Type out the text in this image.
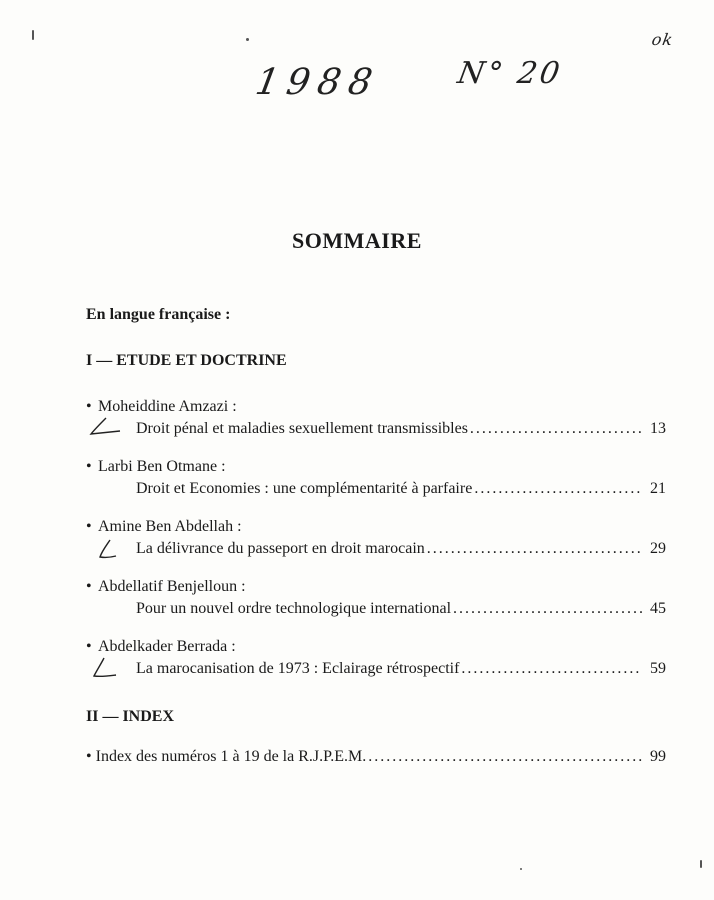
1988 N° 20
ok
SOMMAIRE
En langue française :
I — ETUDE ET DOCTRINE
• Moheiddine Amzazi :
Droit pénal et maladies sexuellement transmissibles .....	13
• Larbi Ben Otmane :
Droit et Economies : une complémentarité à parfaire .....	21
• Amine Ben Abdellah :
La délivrance du passeport en droit marocain .....	29
• Abdellatif Benjelloun :
Pour un nouvel ordre technologique international .....	45
• Abdelkader Berrada :
La marocanisation de 1973 : Eclairage rétrospectif .....	59
II — INDEX
• Index des numéros 1 à 19 de la R.J.P.E.M. .....	99
